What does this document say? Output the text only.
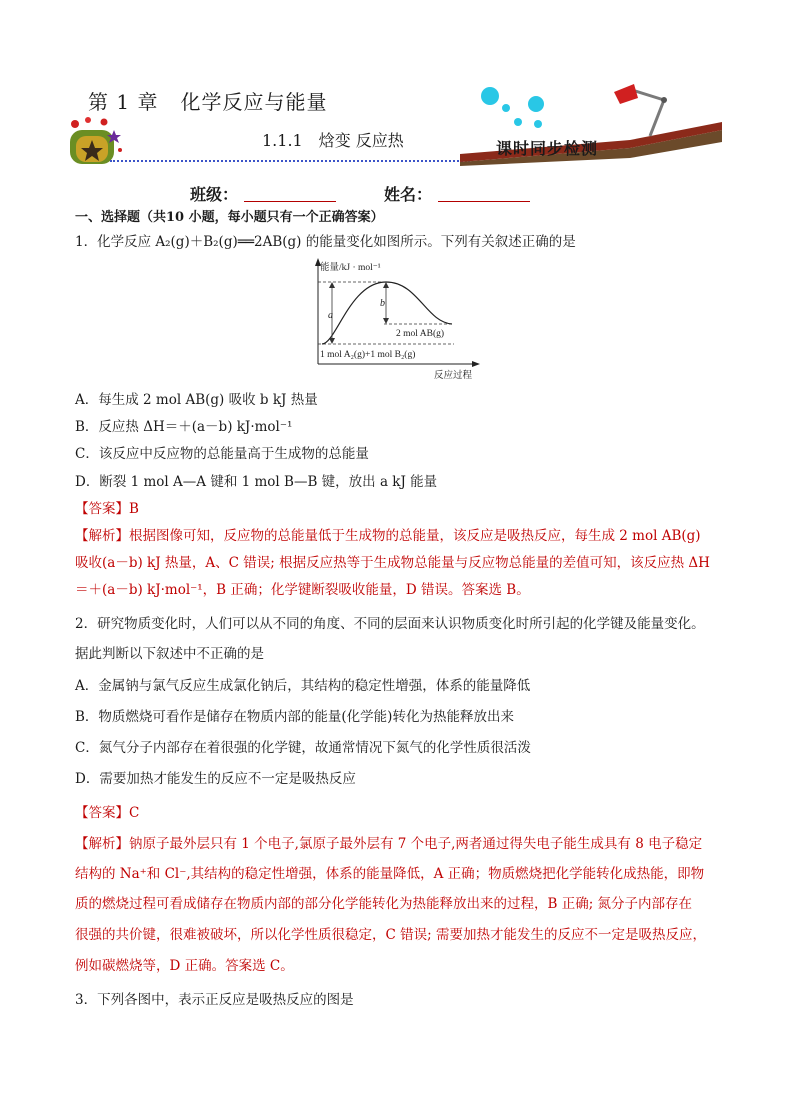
第 1 章 化学反应与能量
1.1.1 焓变 反应热	课时同步检测
班级：	姓名：
一、选择题（共10 小题，每小题只有一个正确答案）
1．化学反应 A₂(g)＋B₂(g)══2AB(g) 的能量变化如图所示。下列有关叙述正确的是
能量/kJ · mol⁻¹
反应过程
a
b
2 mol AB(g)
1 mol A₂(g)+1 mol B₂(g)
A．每生成 2 mol AB(g) 吸收 b kJ 热量
B．反应热 ΔH＝＋(a－b) kJ·mol⁻¹
C．该反应中反应物的总能量高于生成物的总能量
D．断裂 1 mol A—A 键和 1 mol B—B 键，放出 a kJ 能量
【答案】B
【解析】根据图像可知，反应物的总能量低于生成物的总能量，该反应是吸热反应，每生成 2 mol AB(g)
吸收(a－b) kJ 热量，A、C 错误; 根据反应热等于生成物总能量与反应物总能量的差值可知，该反应热 ΔH
＝＋(a－b) kJ·mol⁻¹，B 正确；化学键断裂吸收能量，D 错误。答案选 B。
2．研究物质变化时，人们可以从不同的角度、不同的层面来认识物质变化时所引起的化学键及能量变化。
据此判断以下叙述中不正确的是
A．金属钠与氯气反应生成氯化钠后，其结构的稳定性增强，体系的能量降低
B．物质燃烧可看作是储存在物质内部的能量(化学能)转化为热能释放出来
C．氮气分子内部存在着很强的化学键，故通常情况下氮气的化学性质很活泼
D．需要加热才能发生的反应不一定是吸热反应
【答案】C
【解析】钠原子最外层只有 1 个电子,氯原子最外层有 7 个电子,两者通过得失电子能生成具有 8 电子稳定
结构的 Na⁺和 Cl⁻,其结构的稳定性增强，体系的能量降低，A 正确；物质燃烧把化学能转化成热能，即物
质的燃烧过程可看成储存在物质内部的部分化学能转化为热能释放出来的过程，B 正确; 氮分子内部存在
很强的共价键，很难被破坏，所以化学性质很稳定，C 错误; 需要加热才能发生的反应不一定是吸热反应，
例如碳燃烧等，D 正确。答案选 C。
3．下列各图中，表示正反应是吸热反应的图是
